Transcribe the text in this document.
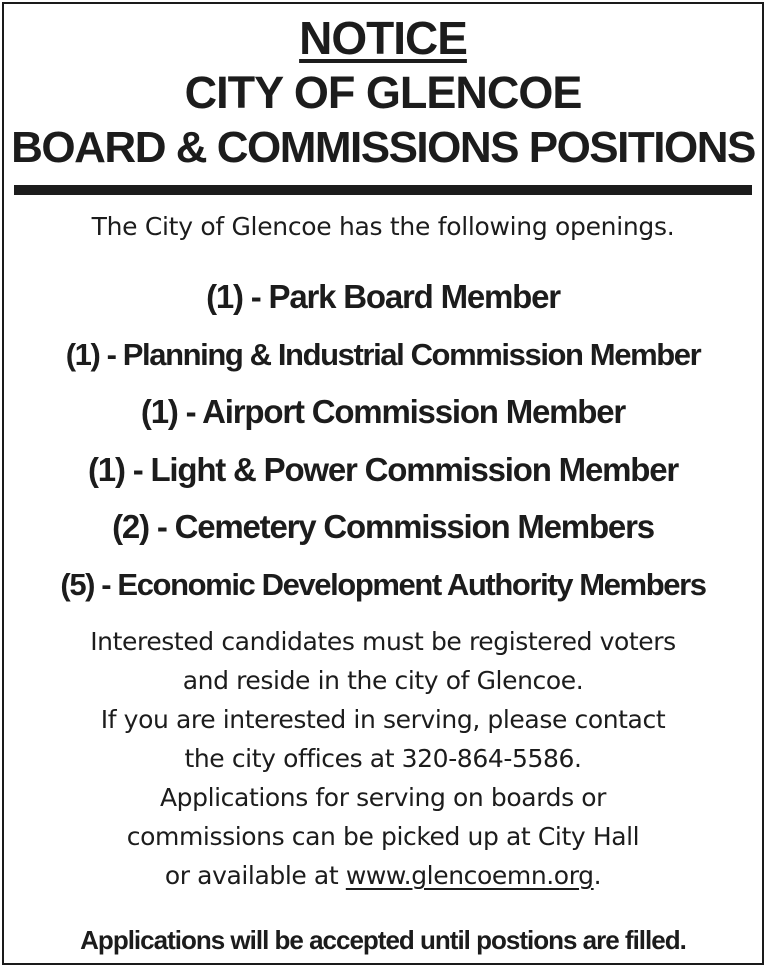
NOTICE
CITY OF GLENCOE
BOARD & COMMISSIONS POSITIONS
The City of Glencoe has the following openings.
(1) - Park Board Member
(1) - Planning & Industrial Commission Member
(1) - Airport Commission Member
(1) - Light & Power Commission Member
(2) - Cemetery Commission Members
(5) - Economic Development Authority Members
Interested candidates must be registered voters
and reside in the city of Glencoe.
If you are interested in serving, please contact
the city offices at 320-864-5586.
Applications for serving on boards or
commissions can be picked up at City Hall
or available at www.glencoemn.org.
Applications will be accepted until postions are filled.
